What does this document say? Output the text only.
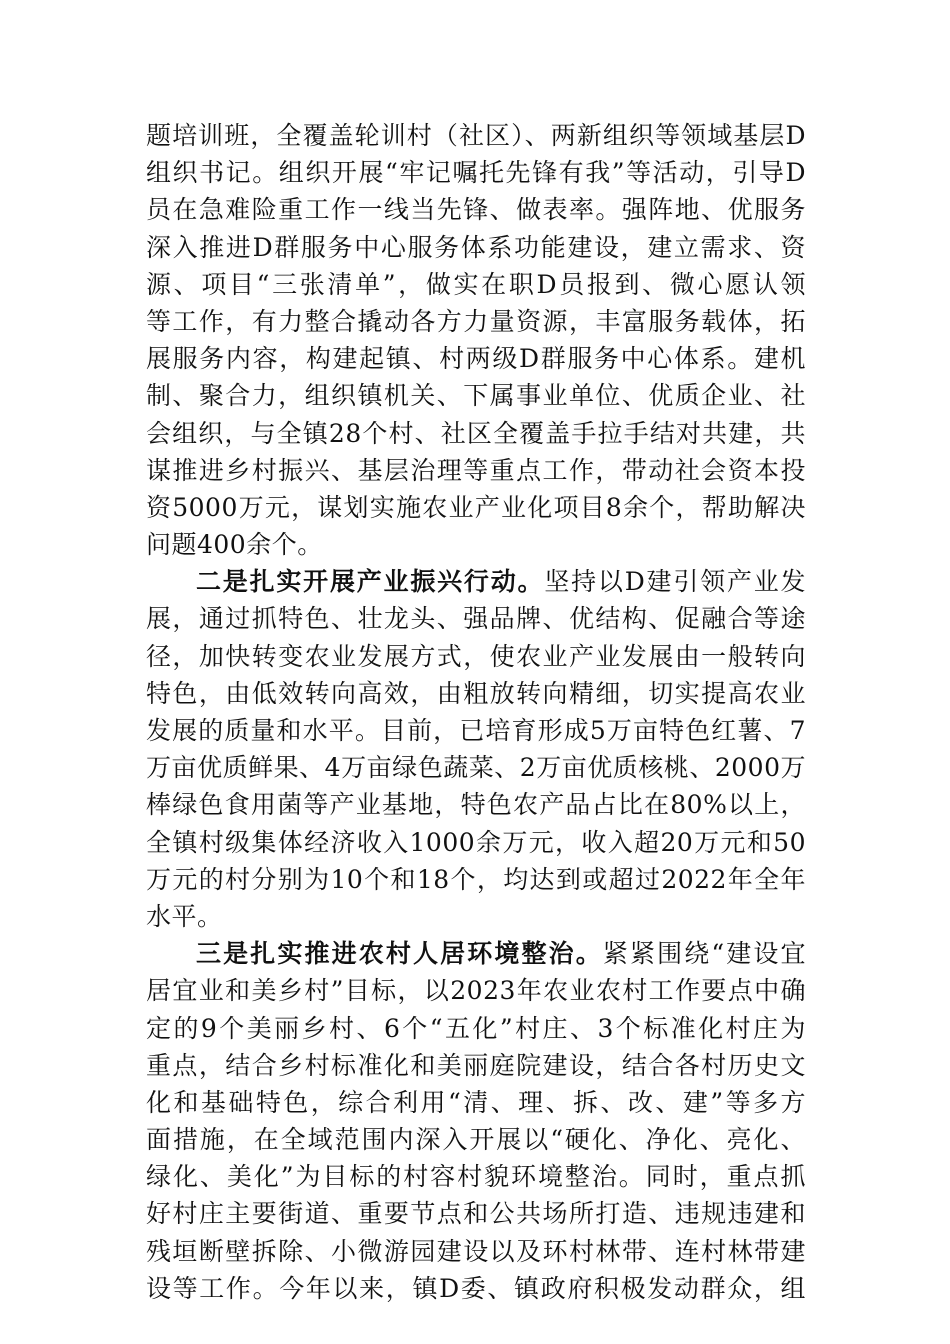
题培训班，全覆盖轮训村（社区）、两新组织等领域基层D
组织书记。组织开展“牢记嘱托先锋有我”等活动，引导D
员在急难险重工作一线当先锋、做表率。强阵地、优服务
深入推进D群服务中心服务体系功能建设，建立需求、资
源、项目“三张清单”，做实在职D员报到、微心愿认领
等工作，有力整合撬动各方力量资源，丰富服务载体，拓
展服务内容，构建起镇、村两级D群服务中心体系。建机
制、聚合力，组织镇机关、下属事业单位、优质企业、社
会组织，与全镇28个村、社区全覆盖手拉手结对共建，共
谋推进乡村振兴、基层治理等重点工作，带动社会资本投
资5000万元，谋划实施农业产业化项目8余个，帮助解决
问题400余个。
二是扎实开展产业振兴行动。坚持以D建引领产业发
展，通过抓特色、壮龙头、强品牌、优结构、促融合等途
径，加快转变农业发展方式，使农业产业发展由一般转向
特色，由低效转向高效，由粗放转向精细，切实提高农业
发展的质量和水平。目前，已培育形成5万亩特色红薯、7
万亩优质鲜果、4万亩绿色蔬菜、2万亩优质核桃、2000万
棒绿色食用菌等产业基地，特色农产品占比在80%以上，
全镇村级集体经济收入1000余万元，收入超20万元和50
万元的村分别为10个和18个，均达到或超过2022年全年
水平。
三是扎实推进农村人居环境整治。紧紧围绕“建设宜
居宜业和美乡村”目标，以2023年农业农村工作要点中确
定的9个美丽乡村、6个“五化”村庄、3个标准化村庄为
重点，结合乡村标准化和美丽庭院建设，结合各村历史文
化和基础特色，综合利用“清、理、拆、改、建”等多方
面措施，在全域范围内深入开展以“硬化、净化、亮化、
绿化、美化”为目标的村容村貌环境整治。同时，重点抓
好村庄主要街道、重要节点和公共场所打造、违规违建和
残垣断壁拆除、小微游园建设以及环村林带、连村林带建
设等工作。今年以来，镇D委、镇政府积极发动群众，组
